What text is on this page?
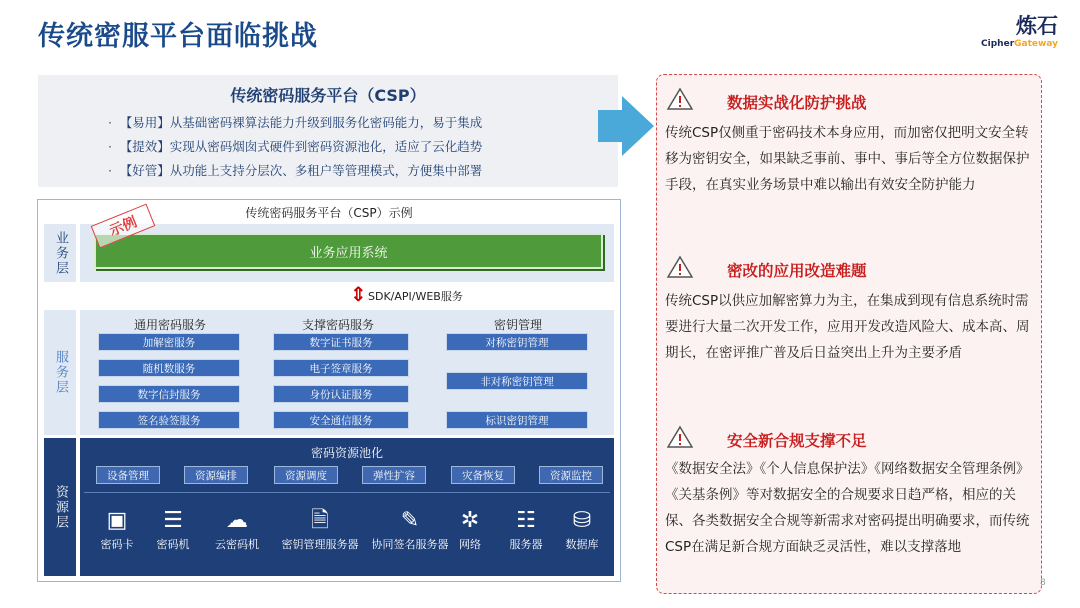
传统密服平台面临挑战	炼石
CipherGateway
传统密码服务平台（CSP）
· 【易用】从基础密码裸算法能力升级到服务化密码能力，易于集成
· 【提效】实现从密码烟囱式硬件到密码资源池化，适应了云化趋势
· 【好管】从功能上支持分层次、多租户等管理模式，方便集中部署
传统密码服务平台（CSP）示例
业务层
服务层
资源层
业务应用系统
示例
⇕ SDK/API/WEB服务
通用密码服务	支撑密码服务	密钥管理
加解密服务
随机数服务
数字信封服务
签名验签服务
数字证书服务
电子签章服务
身份认证服务
安全通信服务
对称密钥管理
非对称密钥管理
标识密钥管理
密码资源池化
设备管理	资源编排	资源调度	弹性扩容	灾备恢复	资源监控
▣
密码卡
☰
密码机
☁
云密码机
🗎
密钥管理服务器
✎
协同签名服务器
✲
网络
☷
服务器
⛁
数据库
数据实战化防护挑战
传统CSP仅侧重于密码技术本身应用，而加密仅把明文安全转移为密钥安全，如果缺乏事前、事中、事后等全方位数据保护手段，在真实业务场景中难以输出有效安全防护能力
密改的应用改造难题
传统CSP以供应加解密算力为主，在集成到现有信息系统时需要进行大量二次开发工作，应用开发改造风险大、成本高、周期长，在密评推广普及后日益突出上升为主要矛盾
安全新合规支撑不足
《数据安全法》《个人信息保护法》《网络数据安全管理条例》《关基条例》等对数据安全的合规要求日趋严格，相应的关保、各类数据安全合规等新需求对密码提出明确要求，而传统CSP在满足新合规方面缺乏灵活性，难以支撑落地
8
